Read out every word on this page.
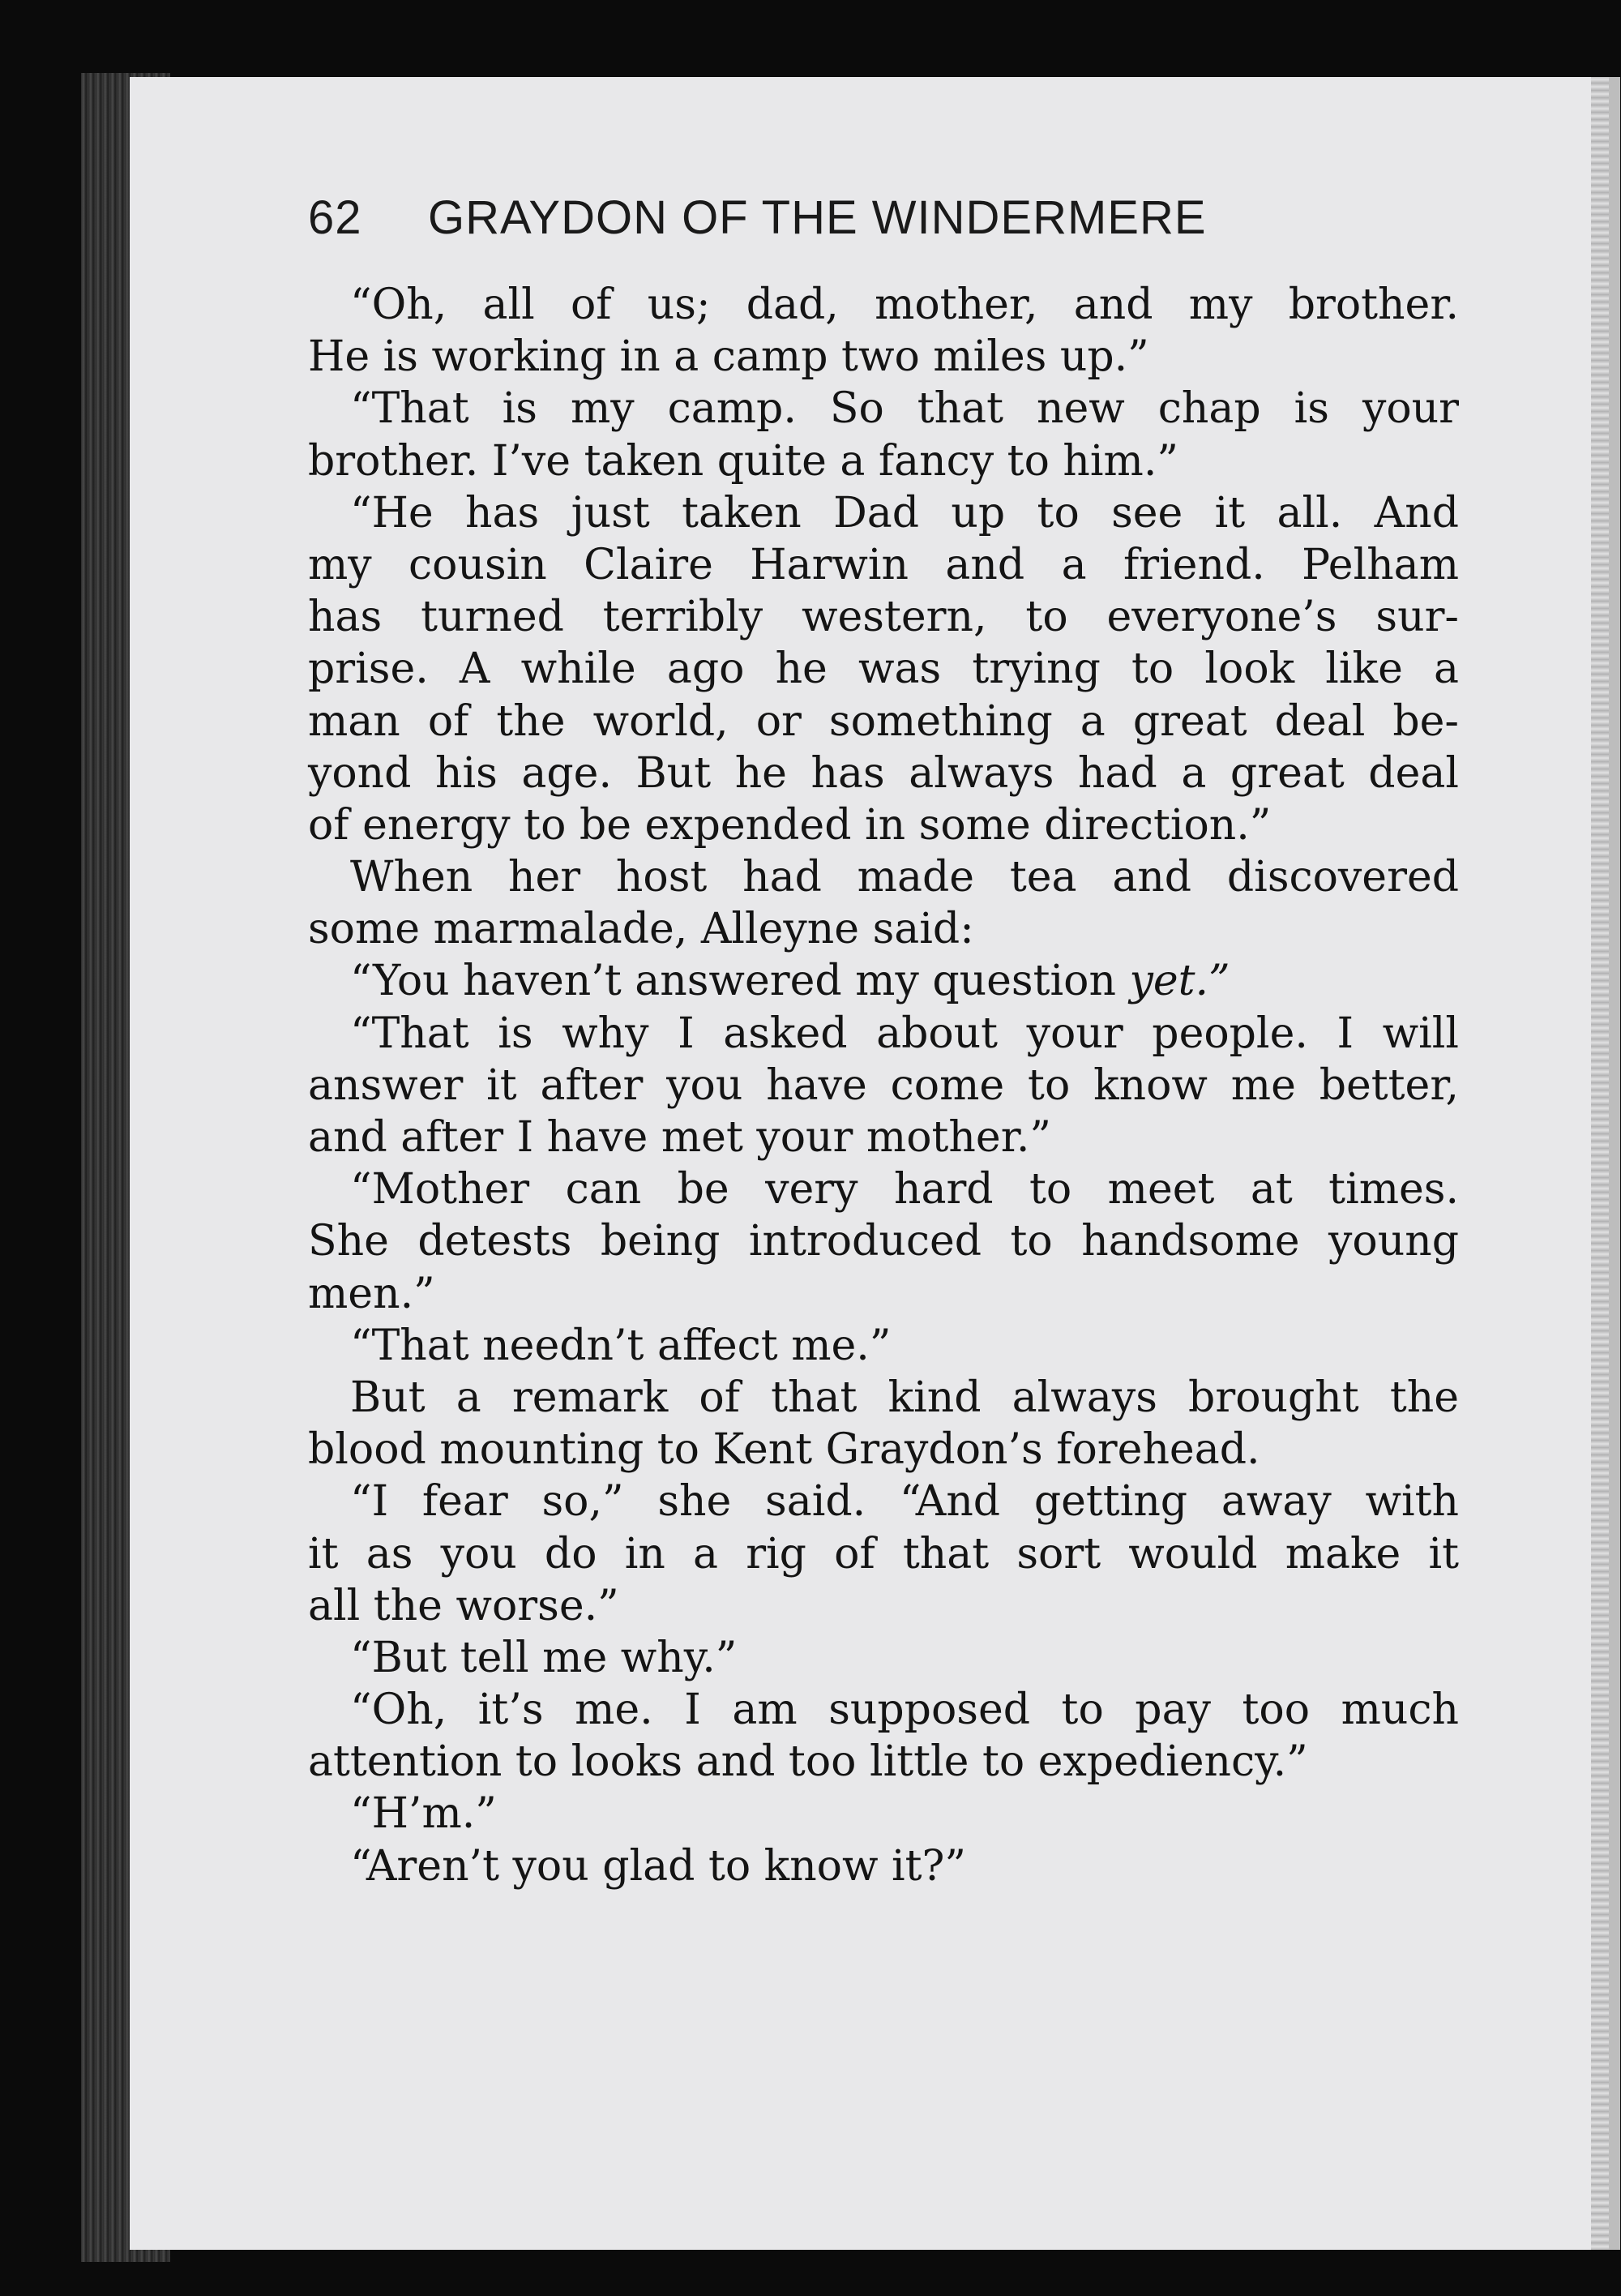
62 GRAYDON OF THE WINDERMERE
“Oh, all of us; dad, mother, and my brother.
He is working in a camp two miles up.”
“That is my camp. So that new chap is your
brother. I’ve taken quite a fancy to him.”
“He has just taken Dad up to see it all. And
my cousin Claire Harwin and a friend. Pelham
has turned terribly western, to everyone’s sur-
prise. A while ago he was trying to look like a
man of the world, or something a great deal be-
yond his age. But he has always had a great deal
of energy to be expended in some direction.”
When her host had made tea and discovered
some marmalade, Alleyne said:
“You haven’t answered my question yet.”
“That is why I asked about your people. I will
answer it after you have come to know me better,
and after I have met your mother.”
“Mother can be very hard to meet at times.
She detests being introduced to handsome young
men.”
“That needn’t affect me.”
But a remark of that kind always brought the
blood mounting to Kent Graydon’s forehead.
“I fear so,” she said. “And getting away with
it as you do in a rig of that sort would make it
all the worse.”
“But tell me why.”
“Oh, it’s me. I am supposed to pay too much
attention to looks and too little to expediency.”
“H’m.”
“Aren’t you glad to know it?”
